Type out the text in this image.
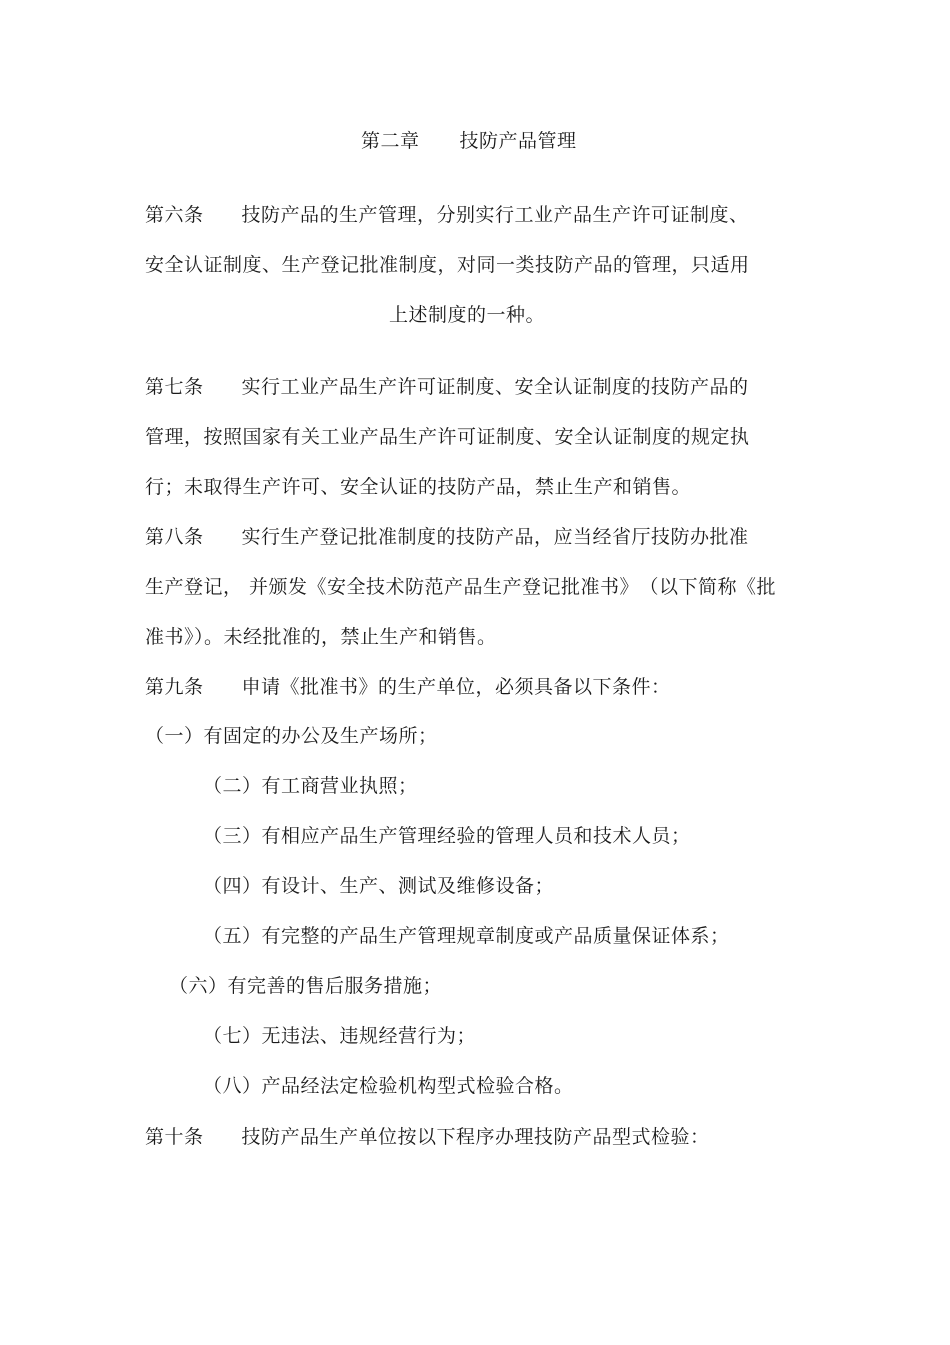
第二章 技防产品管理
第六条 技防产品的生产管理，分别实行工业产品生产许可证制度、
安全认证制度、生产登记批准制度，对同一类技防产品的管理，只适用
上述制度的一种。
第七条 实行工业产品生产许可证制度、安全认证制度的技防产品的
管理，按照国家有关工业产品生产许可证制度、安全认证制度的规定执
行；未取得生产许可、安全认证的技防产品，禁止生产和销售。
第八条 实行生产登记批准制度的技防产品，应当经省厅技防办批准
生产登记， 并颁发《安全技术防范产品生产登记批准书》　（以下简称《批
准书》）。未经批准的，禁止生产和销售。
第九条 申请《批准书》的生产单位，必须具备以下条件：
（一）有固定的办公及生产场所；
（二）有工商营业执照；
（三）有相应产品生产管理经验的管理人员和技术人员；
（四）有设计、生产、测试及维修设备；
（五）有完整的产品生产管理规章制度或产品质量保证体系；
（六）有完善的售后服务措施；
（七）无违法、违规经营行为；
（八）产品经法定检验机构型式检验合格。
第十条 技防产品生产单位按以下程序办理技防产品型式检验：
